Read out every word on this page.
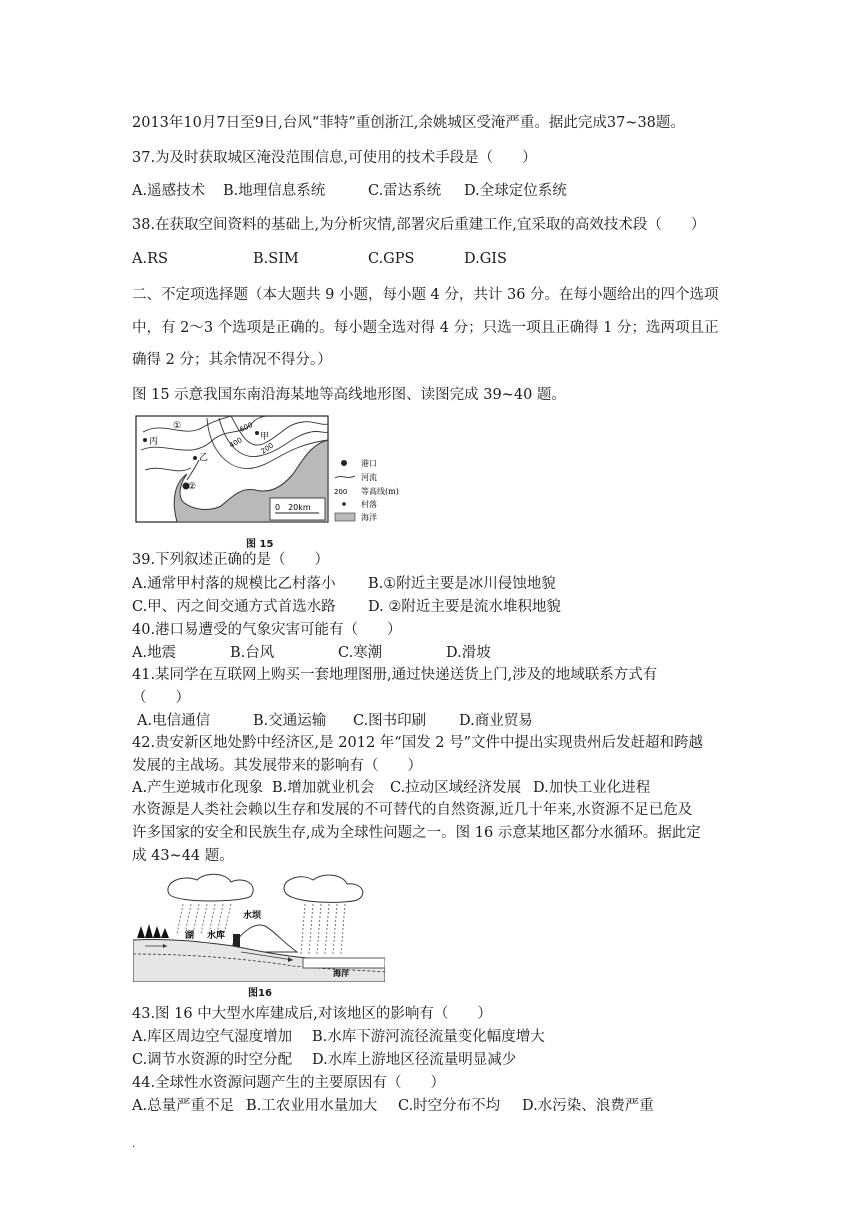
2013年10月7日至9日,台风“菲特”重创浙江,余姚城区受淹严重。据此完成37~38题。
37.为及时获取城区淹没范围信息,可使用的技术手段是（　　）
A.遥感技术 B.地理信息系统	C.雷达系统 D.全球定位系统
38.在获取空间资料的基础上,为分析灾情,部署灾后重建工作,宜采取的高效技术段（　　）
A.RS	B.SIM	C.GPS	D.GIS
二、不定项选择题（本大题共 9 小题，每小题 4 分，共计 36 分。在每小题给出的四个选项
中，有 2～3 个选项是正确的。每小题全选对得 4 分；只选一项且正确得 1 分；选两项且正
确得 2 分；其余情况不得分。）
图 15 示意我国东南沿海某地等高线地形图、读图完成 39~40 题。
0　20km
丙
乙
甲
①
②
600
400 200
港口
河流
200 等高线(m)
村落
海洋
图 15
39.下列叙述正确的是（　　）
A.通常甲村落的规模比乙村落小 B.①附近主要是冰川侵蚀地貌
C.甲、丙之间交通方式首选水路 D. ②附近主要是流水堆积地貌
40.港口易遭受的气象灾害可能有（　　）
A.地震	B.台风	C.寒潮	D.滑坡
41.某同学在互联网上购买一套地理图册,通过快递送货上门,涉及的地域联系方式有
（　　）
A.电信通信	B.交通运输 C.图书印刷 D.商业贸易
42.贵安新区地处黔中经济区,是 2012 年“国发 2 号”文件中提出实现贵州后发赶超和跨越
发展的主战场。其发展带来的影响有（　　）
A.产生逆城市化现象 B.增加就业机会 C.拉动区域经济发展 D.加快工业化进程
水资源是人类社会赖以生存和发展的不可替代的自然资源,近几十年来,水资源不足已危及
许多国家的安全和民族生存,成为全球性问题之一。图 16 示意某地区都分水循环。据此定
成 43~44 题。
水坝
水库
湖
海洋
图16
43.图 16 中大型水库建成后,对该地区的影响有（　　）
A.库区周边空气湿度增加 B.水库下游河流径流量变化幅度增大
C.调节水资源的时空分配 D.水库上游地区径流量明显减少
44.全球性水资源问题产生的主要原因有（　　）
A.总量严重不足 B.工农业用水量加大 C.时空分布不均 D.水污染、浪费严重
.
